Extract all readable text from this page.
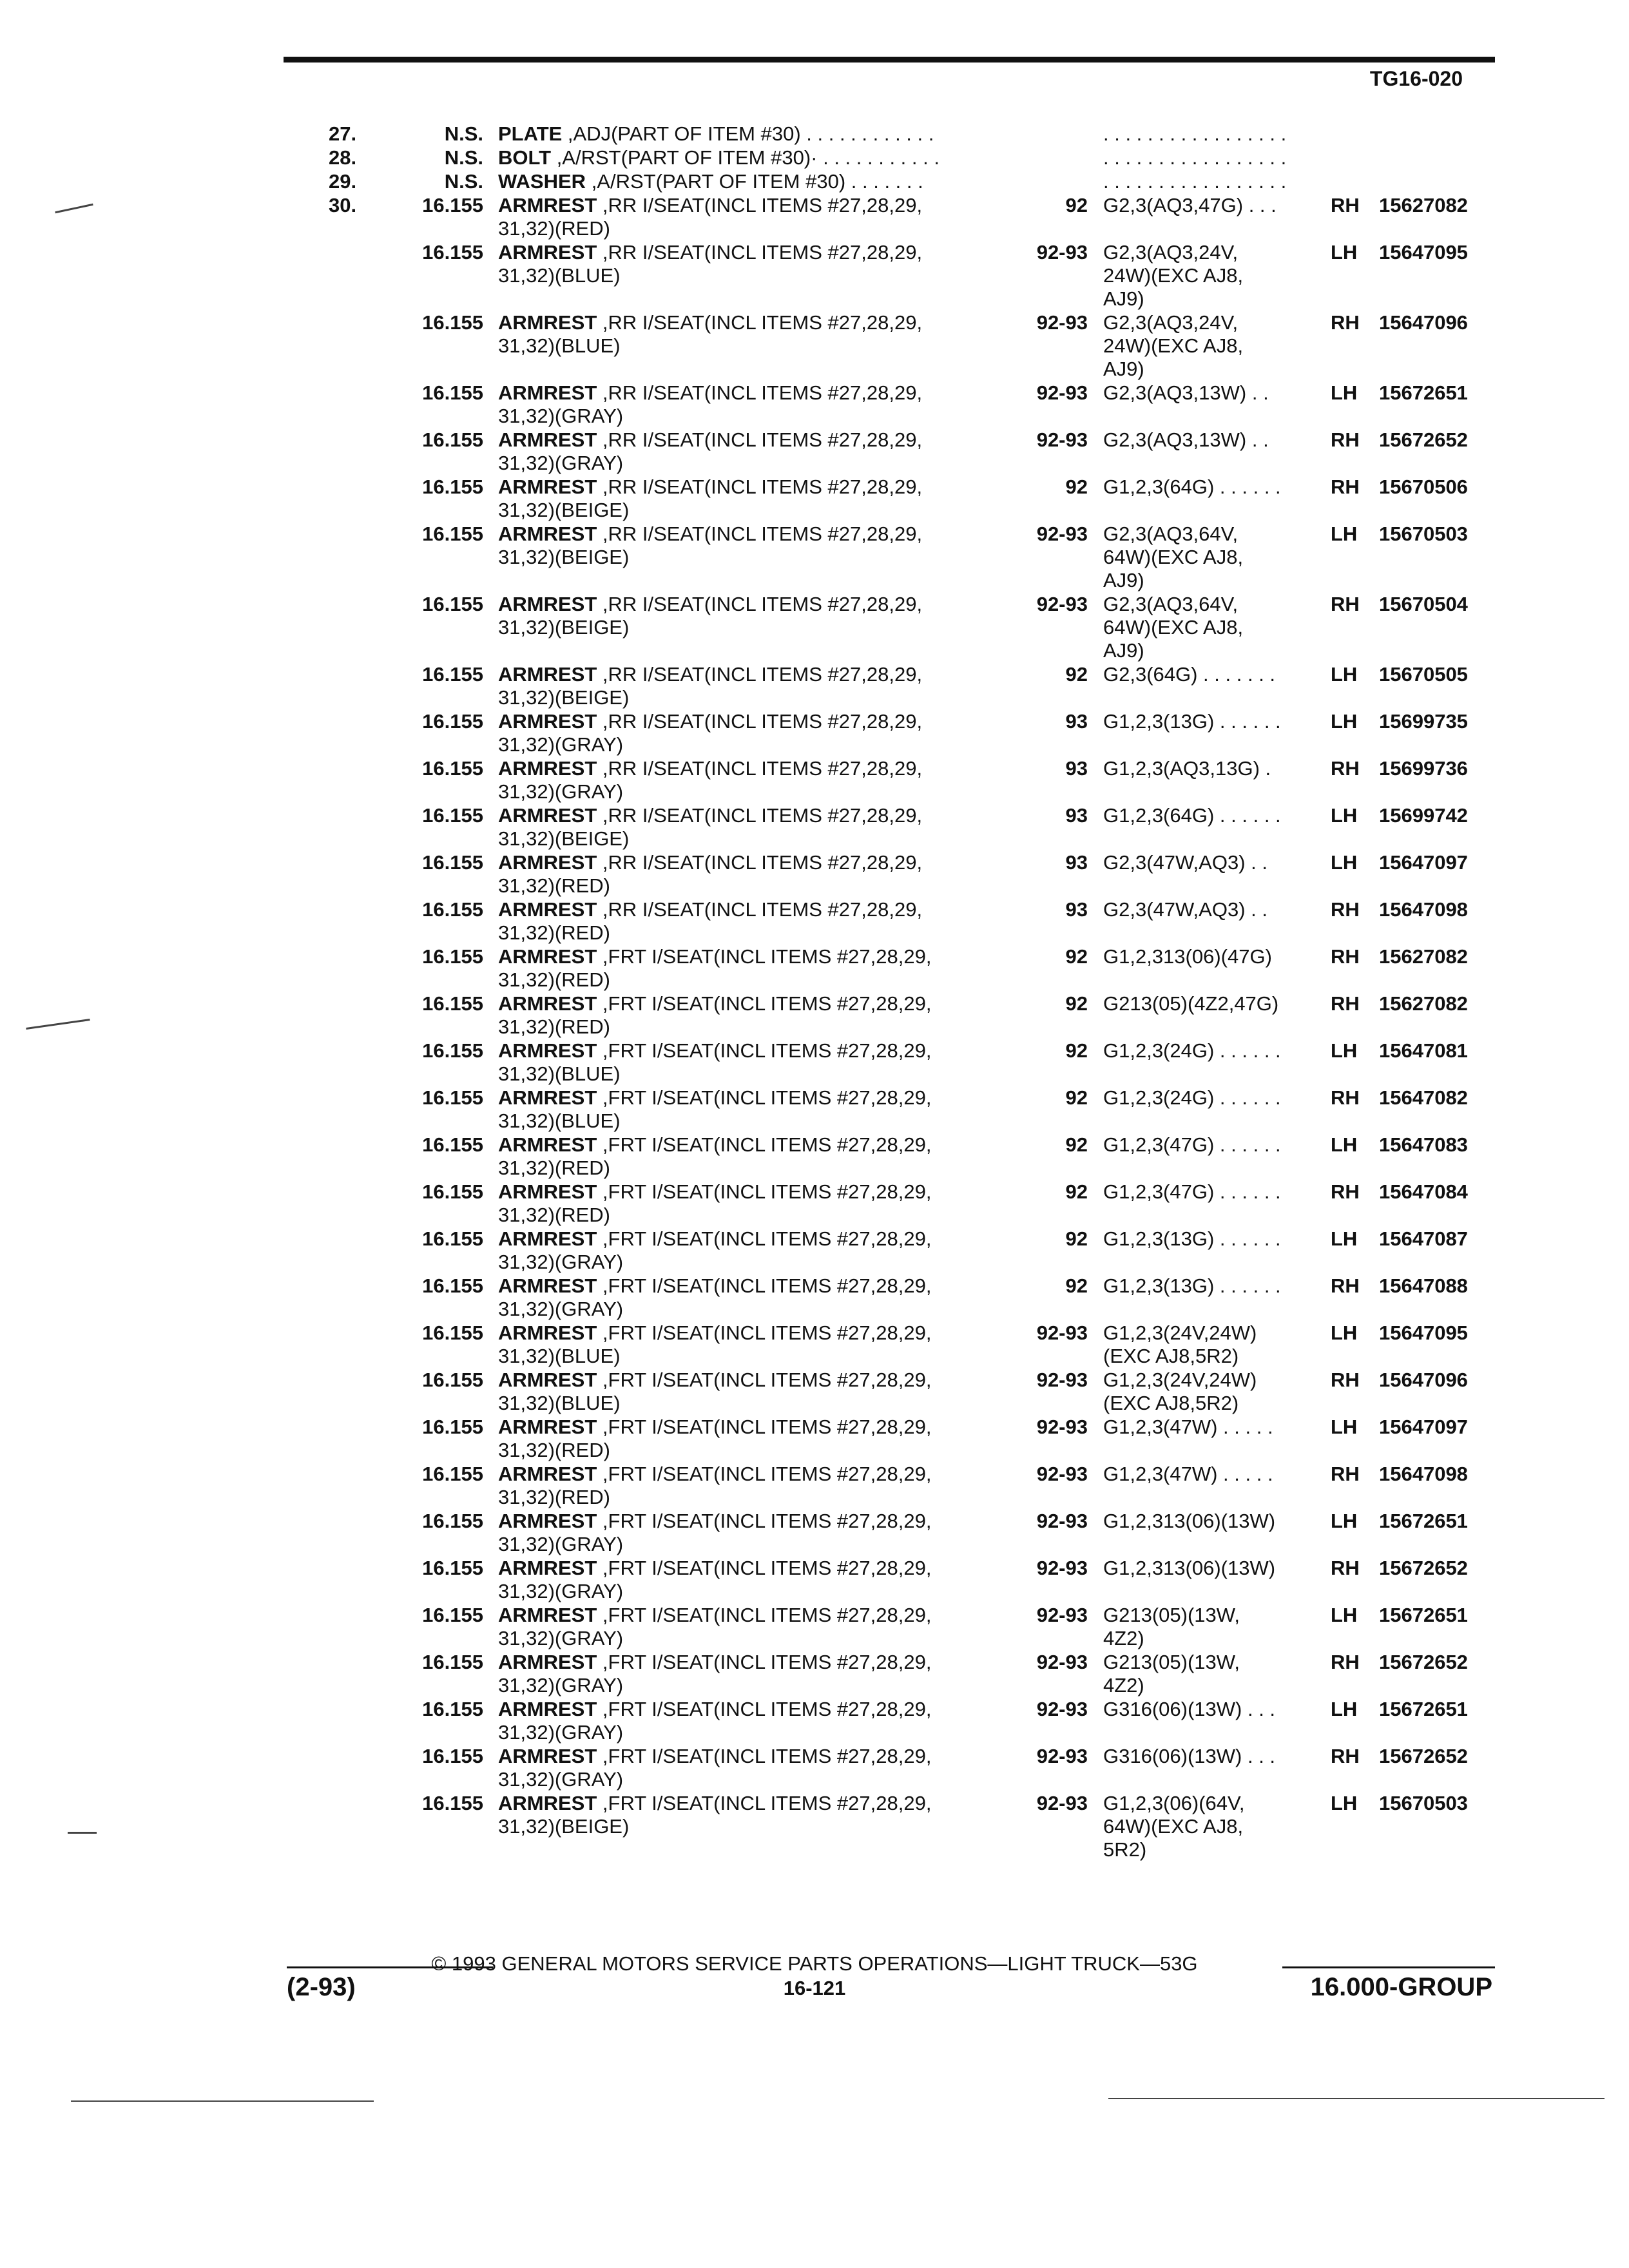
TG16-020
27.	N.S. PLATE ,ADJ(PART OF ITEM #30) . . . . . . . . . . . .	. . . . . . . . . . . . . . . . .
28.	N.S. BOLT ,A/RST(PART OF ITEM #30)· . . . . . . . . . . .	. . . . . . . . . . . . . . . . .
29.	N.S. WASHER ,A/RST(PART OF ITEM #30) . . . . . . .	. . . . . . . . . . . . . . . . .
30.	16.155 ARMREST ,RR I/SEAT(INCL ITEMS #27,28,29,
31,32)(RED)
92 G2,3(AQ3,47G) . . .	RH 15627082
16.155 ARMREST ,RR I/SEAT(INCL ITEMS #27,28,29,
31,32)(BLUE)
92-93 G2,3(AQ3,24V,
24W)(EXC AJ8,
AJ9)
LH 15647095
16.155 ARMREST ,RR I/SEAT(INCL ITEMS #27,28,29,
31,32)(BLUE)
92-93 G2,3(AQ3,24V,
24W)(EXC AJ8,
AJ9)
RH 15647096
16.155 ARMREST ,RR I/SEAT(INCL ITEMS #27,28,29,
31,32)(GRAY)
92-93 G2,3(AQ3,13W) . .	LH 15672651
16.155 ARMREST ,RR I/SEAT(INCL ITEMS #27,28,29,
31,32)(GRAY)
92-93 G2,3(AQ3,13W) . .	RH 15672652
16.155 ARMREST ,RR I/SEAT(INCL ITEMS #27,28,29,
31,32)(BEIGE)
92 G1,2,3(64G) . . . . . . RH 15670506
16.155 ARMREST ,RR I/SEAT(INCL ITEMS #27,28,29,
31,32)(BEIGE)
92-93 G2,3(AQ3,64V,
64W)(EXC AJ8,
AJ9)
LH 15670503
16.155 ARMREST ,RR I/SEAT(INCL ITEMS #27,28,29,
31,32)(BEIGE)
92-93 G2,3(AQ3,64V,
64W)(EXC AJ8,
AJ9)
RH 15670504
16.155 ARMREST ,RR I/SEAT(INCL ITEMS #27,28,29,
31,32)(BEIGE)
92 G2,3(64G) . . . . . . .	LH 15670505
16.155 ARMREST ,RR I/SEAT(INCL ITEMS #27,28,29,
31,32)(GRAY)
93 G1,2,3(13G) . . . . . . LH 15699735
16.155 ARMREST ,RR I/SEAT(INCL ITEMS #27,28,29,
31,32)(GRAY)
93 G1,2,3(AQ3,13G) .	RH 15699736
16.155 ARMREST ,RR I/SEAT(INCL ITEMS #27,28,29,
31,32)(BEIGE)
93 G1,2,3(64G) . . . . . . LH 15699742
16.155 ARMREST ,RR I/SEAT(INCL ITEMS #27,28,29,
31,32)(RED)
93 G2,3(47W,AQ3) . .	LH 15647097
16.155 ARMREST ,RR I/SEAT(INCL ITEMS #27,28,29,
31,32)(RED)
93 G2,3(47W,AQ3) . .	RH 15647098
16.155 ARMREST ,FRT I/SEAT(INCL ITEMS #27,28,29,
31,32)(RED)
92 G1,2,313(06)(47G)	RH 15627082
16.155 ARMREST ,FRT I/SEAT(INCL ITEMS #27,28,29,
31,32)(RED)
92 G213(05)(4Z2,47G)	RH 15627082
16.155 ARMREST ,FRT I/SEAT(INCL ITEMS #27,28,29,
31,32)(BLUE)
92 G1,2,3(24G) . . . . . . LH 15647081
16.155 ARMREST ,FRT I/SEAT(INCL ITEMS #27,28,29,
31,32)(BLUE)
92 G1,2,3(24G) . . . . . . RH 15647082
16.155 ARMREST ,FRT I/SEAT(INCL ITEMS #27,28,29,
31,32)(RED)
92 G1,2,3(47G) . . . . . . LH 15647083
16.155 ARMREST ,FRT I/SEAT(INCL ITEMS #27,28,29,
31,32)(RED)
92 G1,2,3(47G) . . . . . . RH 15647084
16.155 ARMREST ,FRT I/SEAT(INCL ITEMS #27,28,29,
31,32)(GRAY)
92 G1,2,3(13G) . . . . . . LH 15647087
16.155 ARMREST ,FRT I/SEAT(INCL ITEMS #27,28,29,
31,32)(GRAY)
92 G1,2,3(13G) . . . . . . RH 15647088
16.155 ARMREST ,FRT I/SEAT(INCL ITEMS #27,28,29,
31,32)(BLUE)
92-93 G1,2,3(24V,24W)
(EXC AJ8,5R2)
LH 15647095
16.155 ARMREST ,FRT I/SEAT(INCL ITEMS #27,28,29,
31,32)(BLUE)
92-93 G1,2,3(24V,24W)
(EXC AJ8,5R2)
RH 15647096
16.155 ARMREST ,FRT I/SEAT(INCL ITEMS #27,28,29,
31,32)(RED)
92-93 G1,2,3(47W) . . . . .	LH 15647097
16.155 ARMREST ,FRT I/SEAT(INCL ITEMS #27,28,29,
31,32)(RED)
92-93 G1,2,3(47W) . . . . .	RH 15647098
16.155 ARMREST ,FRT I/SEAT(INCL ITEMS #27,28,29,
31,32)(GRAY)
92-93 G1,2,313(06)(13W)	LH 15672651
16.155 ARMREST ,FRT I/SEAT(INCL ITEMS #27,28,29,
31,32)(GRAY)
92-93 G1,2,313(06)(13W)	RH 15672652
16.155 ARMREST ,FRT I/SEAT(INCL ITEMS #27,28,29,
31,32)(GRAY)
92-93 G213(05)(13W,
4Z2)
LH 15672651
16.155 ARMREST ,FRT I/SEAT(INCL ITEMS #27,28,29,
31,32)(GRAY)
92-93 G213(05)(13W,
4Z2)
RH 15672652
16.155 ARMREST ,FRT I/SEAT(INCL ITEMS #27,28,29,
31,32)(GRAY)
92-93 G316(06)(13W) . . .	LH 15672651
16.155 ARMREST ,FRT I/SEAT(INCL ITEMS #27,28,29,
31,32)(GRAY)
92-93 G316(06)(13W) . . .	RH 15672652
16.155 ARMREST ,FRT I/SEAT(INCL ITEMS #27,28,29,
31,32)(BEIGE)
92-93 G1,2,3(06)(64V,
64W)(EXC AJ8,
5R2)
LH 15670503
© 1993 GENERAL MOTORS SERVICE PARTS OPERATIONS—LIGHT TRUCK—53G
(2-93)	16-121	16.000-GROUP
